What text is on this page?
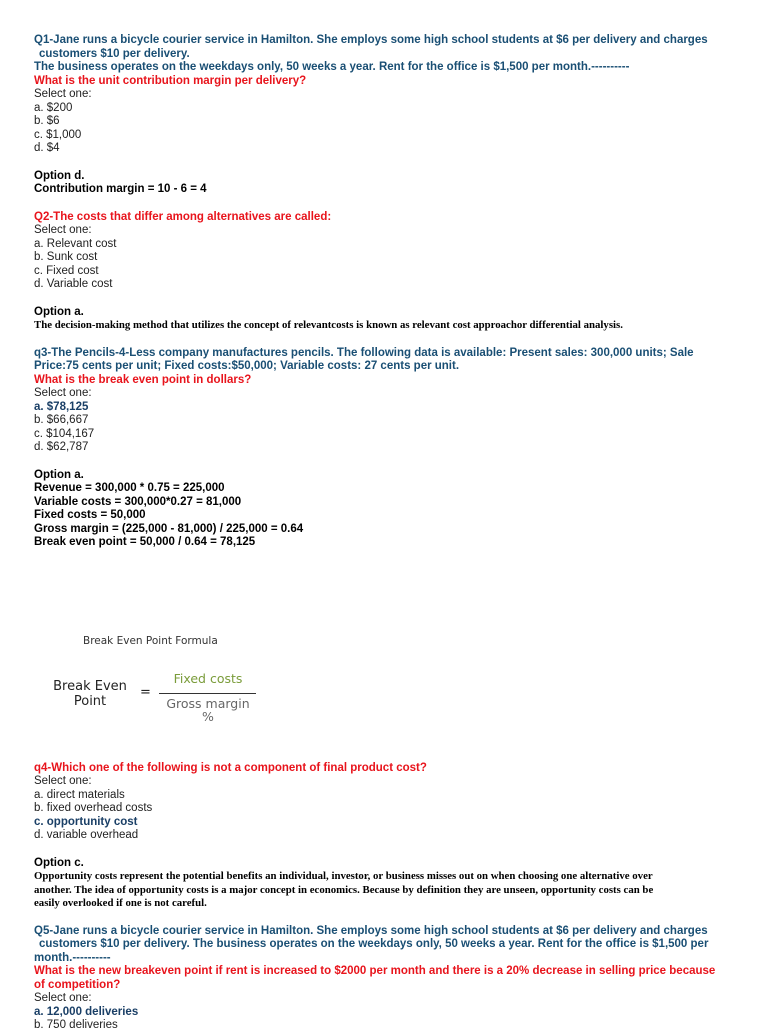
Q1-Jane runs a bicycle courier service in Hamilton. She employs some high school students at $6 per delivery and charges
customers $10 per delivery.
The business operates on the weekdays only, 50 weeks a year. Rent for the office is $1,500 per month.----------
What is the unit contribution margin per delivery?
Select one:
a. $200
b. $6
c. $1,000
d. $4
Option d.
Contribution margin = 10 - 6 = 4
Q2-The costs that differ among alternatives are called:
Select one:
a. Relevant cost
b. Sunk cost
c. Fixed cost
d. Variable cost
Option a.
The decision-making method that utilizes the concept of relevantcosts is known as relevant cost approachor differential analysis.
q3-The Pencils-4-Less company manufactures pencils. The following data is available: Present sales: 300,000 units; Sale
Price:75 cents per unit; Fixed costs:$50,000; Variable costs: 27 cents per unit.
What is the break even point in dollars?
Select one:
a. $78,125
b. $66,667
c. $104,167
d. $62,787
Option a.
Revenue = 300,000 * 0.75 = 225,000
Variable costs = 300,000*0.27 = 81,000
Fixed costs = 50,000
Gross margin = (225,000 - 81,000) / 225,000 = 0.64
Break even point = 50,000 / 0.64 = 78,125
Break Even Point Formula
Break Even
Point
=
Fixed costs
Gross margin %
q4-Which one of the following is not a component of final product cost?
Select one:
a. direct materials
b. fixed overhead costs
c. opportunity cost
d. variable overhead
Option c.
Opportunity costs represent the potential benefits an individual, investor, or business misses out on when choosing one alternative over
another. The idea of opportunity costs is a major concept in economics. Because by definition they are unseen, opportunity costs can be
easily overlooked if one is not careful.
Q5-Jane runs a bicycle courier service in Hamilton. She employs some high school students at $6 per delivery and charges
customers $10 per delivery. The business operates on the weekdays only, 50 weeks a year. Rent for the office is $1,500 per
month.----------
What is the new breakeven point if rent is increased to $2000 per month and there is a 20% decrease in selling price because
of competition?
Select one:
a. 12,000 deliveries
b. 750 deliveries
